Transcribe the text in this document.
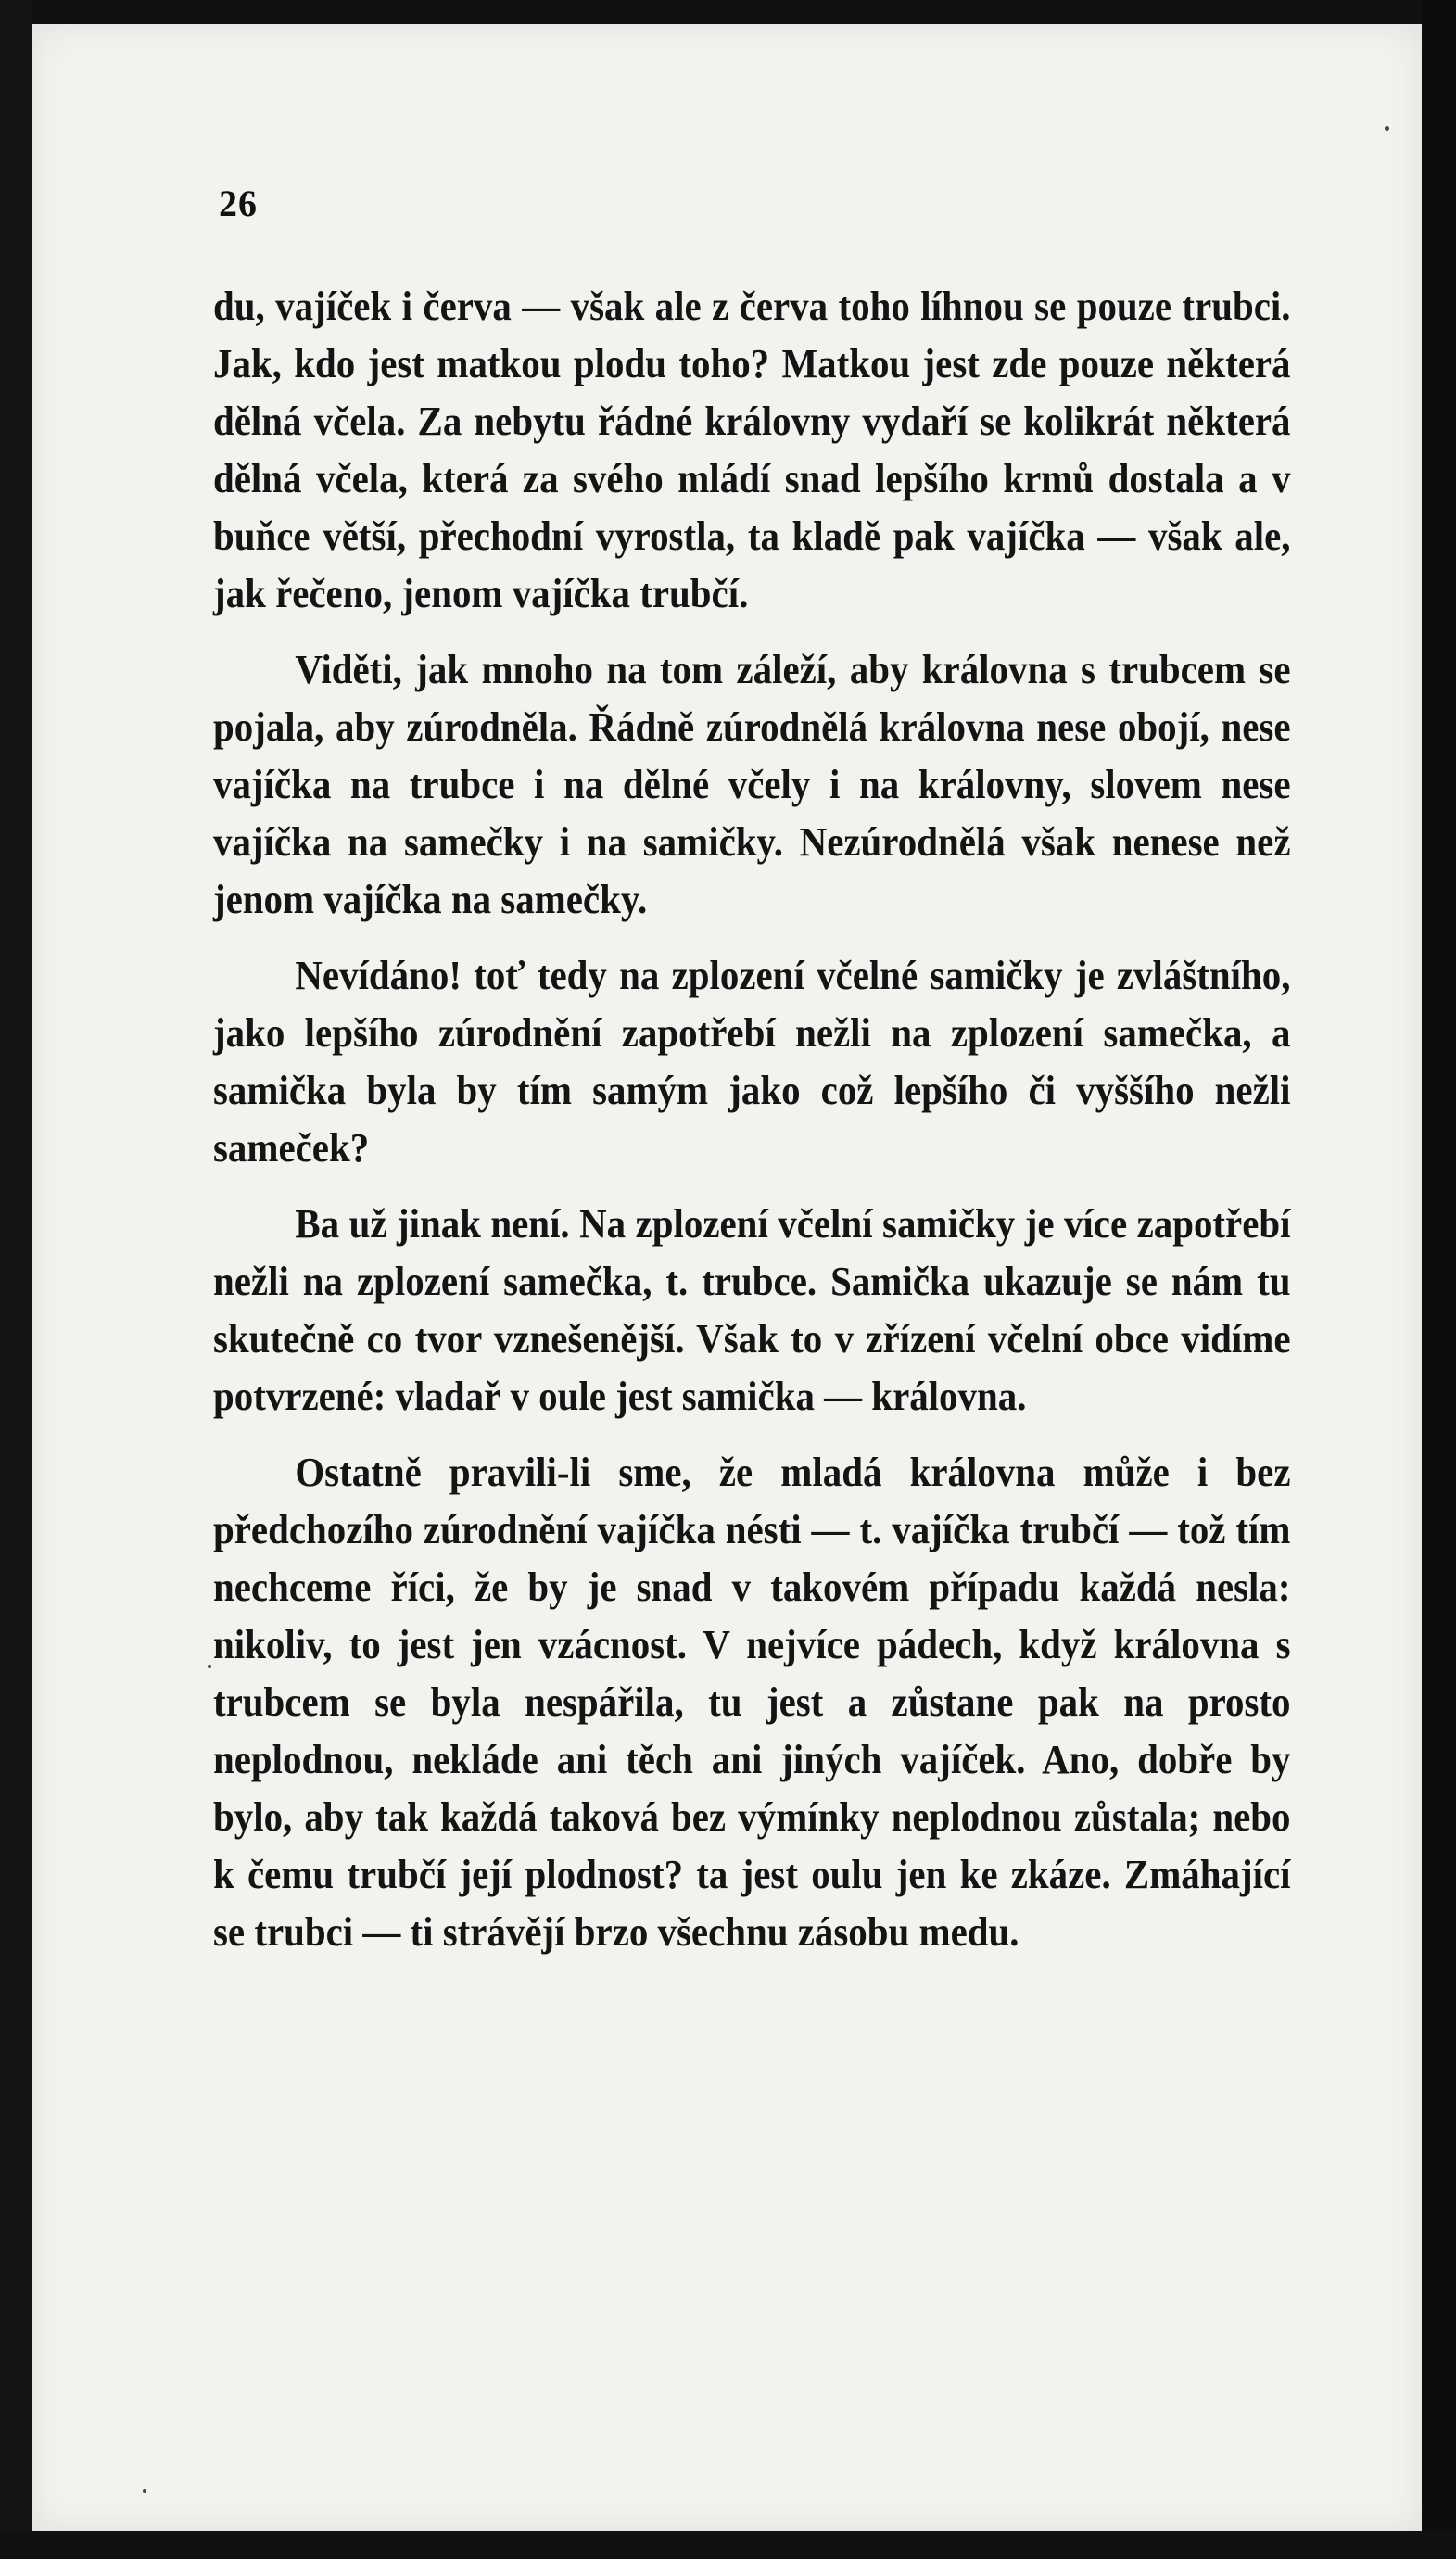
26

du, vajíček i červa — však ale z červa toho líhnou se pouze trubci. Jak, kdo jest matkou plodu toho? Matkou jest zde pouze některá dělná včela. Za nebytu řádné královny vydaří se kolikrát některá dělná včela, která za svého mládí snad lepšího krmů dostala a v buňce větší, přechodní vyrostla, ta kladě pak vajíčka — však ale, jak řečeno, jenom vajíčka trubčí.

Viděti, jak mnoho na tom záleží, aby královna s trubcem se pojala, aby zúrodněla. Řádně zúrodnělá královna nese obojí, nese vajíčka na trubce i na dělné včely i na královny, slovem nese vajíčka na samečky i na samičky. Nezúrodnělá však nenese než jenom vajíčka na samečky.

Nevídáno! toť tedy na zplození včelné samičky je zvláštního, jako lepšího zúrodnění zapotřebí nežli na zplození samečka, a samička byla by tím samým jako což lepšího či vyššího nežli sameček?

Ba už jinak není. Na zplození včelní samičky je více zapotřebí nežli na zplození samečka, t. trubce. Samička ukazuje se nám tu skutečně co tvor vznešenější. Však to v zřízení včelní obce vidíme potvrzené: vladař v oule jest samička — královna.

Ostatně pravili-li sme, že mladá královna může i bez předchozího zúrodnění vajíčka nésti — t. vajíčka trubčí — tož tím nechceme říci, že by je snad v takovém případu každá nesla: nikoliv, to jest jen vzácnost. V nejvíce pádech, když královna s trubcem se byla nespářila, tu jest a zůstane pak na prosto neplodnou, nekláde ani těch ani jiných vajíček. Ano, dobře by bylo, aby tak každá taková bez výmínky neplodnou zůstala; nebo k čemu trubčí její plodnost? ta jest oulu jen ke zkáze. Zmáhající se trubci — ti strávějí brzo všechnu zásobu medu.
